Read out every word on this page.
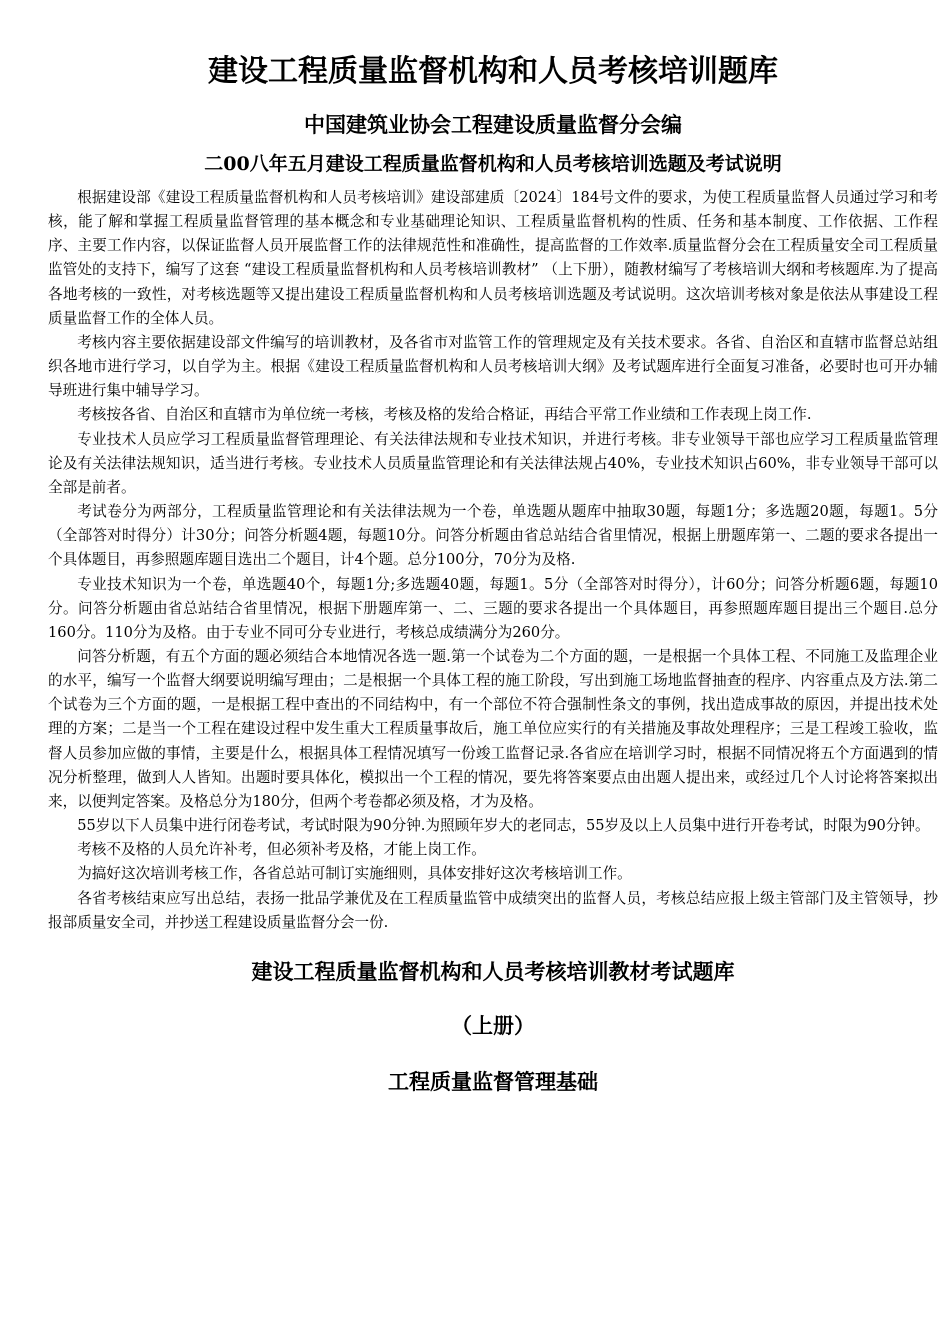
建设工程质量监督机构和人员考核培训题库
中国建筑业协会工程建设质量监督分会编
二00八年五月建设工程质量监督机构和人员考核培训选题及考试说明

根据建设部《建设工程质量监督机构和人员考核培训》建设部建质〔2024〕184号文件的要求，为使工程质量监督人员通过学习和考核，能了解和掌握工程质量监督管理的基本概念和专业基础理论知识、工程质量监督机构的性质、任务和基本制度、工作依据、工作程序、主要工作内容，以保证监督人员开展监督工作的法律规范性和准确性，提高监督的工作效率.质量监督分会在工程质量安全司工程质量监管处的支持下，编写了这套 “建设工程质量监督机构和人员考核培训教材” （上下册），随教材编写了考核培训大纲和考核题库.为了提高各地考核的一致性，对考核选题等又提出建设工程质量监督机构和人员考核培训选题及考试说明。这次培训考核对象是依法从事建设工程质量监督工作的全体人员。

考核内容主要依据建设部文件编写的培训教材，及各省市对监管工作的管理规定及有关技术要求。各省、自治区和直辖市监督总站组织各地市进行学习，以自学为主。根据《建设工程质量监督机构和人员考核培训大纲》及考试题库进行全面复习准备，必要时也可开办辅导班进行集中辅导学习。

考核按各省、自治区和直辖市为单位统一考核，考核及格的发给合格证，再结合平常工作业绩和工作表现上岗工作.

专业技术人员应学习工程质量监督管理理论、有关法律法规和专业技术知识，并进行考核。非专业领导干部也应学习工程质量监管理论及有关法律法规知识，适当进行考核。专业技术人员质量监管理论和有关法律法规占40%，专业技术知识占60%，非专业领导干部可以全部是前者。

考试卷分为两部分，工程质量监管理论和有关法律法规为一个卷，单选题从题库中抽取30题，每题1分；多选题20题，每题1。5分（全部答对时得分）计30分；问答分析题4题，每题10分。问答分析题由省总站结合省里情况，根据上册题库第一、二题的要求各提出一个具体题目，再参照题库题目选出二个题目，计4个题。总分100分，70分为及格.

专业技术知识为一个卷，单选题40个，每题1分;多选题40题，每题1。5分（全部答对时得分），计60分；问答分析题6题，每题10分。问答分析题由省总站结合省里情况，根据下册题库第一、二、三题的要求各提出一个具体题目，再参照题库题目提出三个题目.总分160分。110分为及格。由于专业不同可分专业进行，考核总成绩满分为260分。

问答分析题，有五个方面的题必须结合本地情况各选一题.第一个试卷为二个方面的题，一是根据一个具体工程、不同施工及监理企业的水平，编写一个监督大纲要说明编写理由；二是根据一个具体工程的施工阶段，写出到施工场地监督抽查的程序、内容重点及方法.第二个试卷为三个方面的题，一是根据工程中查出的不同结构中，有一个部位不符合强制性条文的事例，找出造成事故的原因，并提出技术处理的方案；二是当一个工程在建设过程中发生重大工程质量事故后，施工单位应实行的有关措施及事故处理程序；三是工程竣工验收，监督人员参加应做的事情，主要是什么，根据具体工程情况填写一份竣工监督记录.各省应在培训学习时，根据不同情况将五个方面遇到的情况分析整理，做到人人皆知。出题时要具体化，模拟出一个工程的情况，要先将答案要点由出题人提出来，或经过几个人讨论将答案拟出来，以便判定答案。及格总分为180分，但两个考卷都必须及格，才为及格。

55岁以下人员集中进行闭卷考试，考试时限为90分钟.为照顾年岁大的老同志，55岁及以上人员集中进行开卷考试，时限为90分钟。

考核不及格的人员允许补考，但必须补考及格，才能上岗工作。

为搞好这次培训考核工作，各省总站可制订实施细则，具体安排好这次考核培训工作。

各省考核结束应写出总结，表扬一批品学兼优及在工程质量监管中成绩突出的监督人员，考核总结应报上级主管部门及主管领导，抄报部质量安全司，并抄送工程建设质量监督分会一份.

建设工程质量监督机构和人员考核培训教材考试题库
（上册）
工程质量监督管理基础
